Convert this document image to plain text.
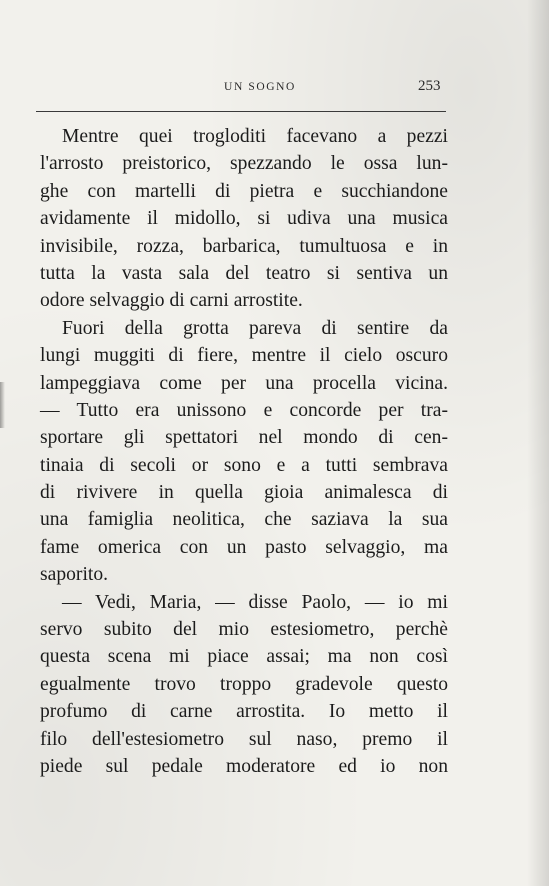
UN SOGNO	253
Mentre quei trogloditi facevano a pezzi
l'arrosto preistorico, spezzando le ossa lun-
ghe con martelli di pietra e succhiandone
avidamente il midollo, si udiva una musica
invisibile, rozza, barbarica, tumultuosa e in
tutta la vasta sala del teatro si sentiva un
odore selvaggio di carni arrostite.
Fuori della grotta pareva di sentire da
lungi muggiti di fiere, mentre il cielo oscuro
lampeggiava come per una procella vicina.
— Tutto era unissono e concorde per tra-
sportare gli spettatori nel mondo di cen-
tinaia di secoli or sono e a tutti sembrava
di rivivere in quella gioia animalesca di
una famiglia neolitica, che saziava la sua
fame omerica con un pasto selvaggio, ma
saporito.
— Vedi, Maria, — disse Paolo, — io mi
servo subito del mio estesiometro, perchè
questa scena mi piace assai; ma non così
egualmente trovo troppo gradevole questo
profumo di carne arrostita. Io metto il
filo dell'estesiometro sul naso, premo il
piede sul pedale moderatore ed io non
